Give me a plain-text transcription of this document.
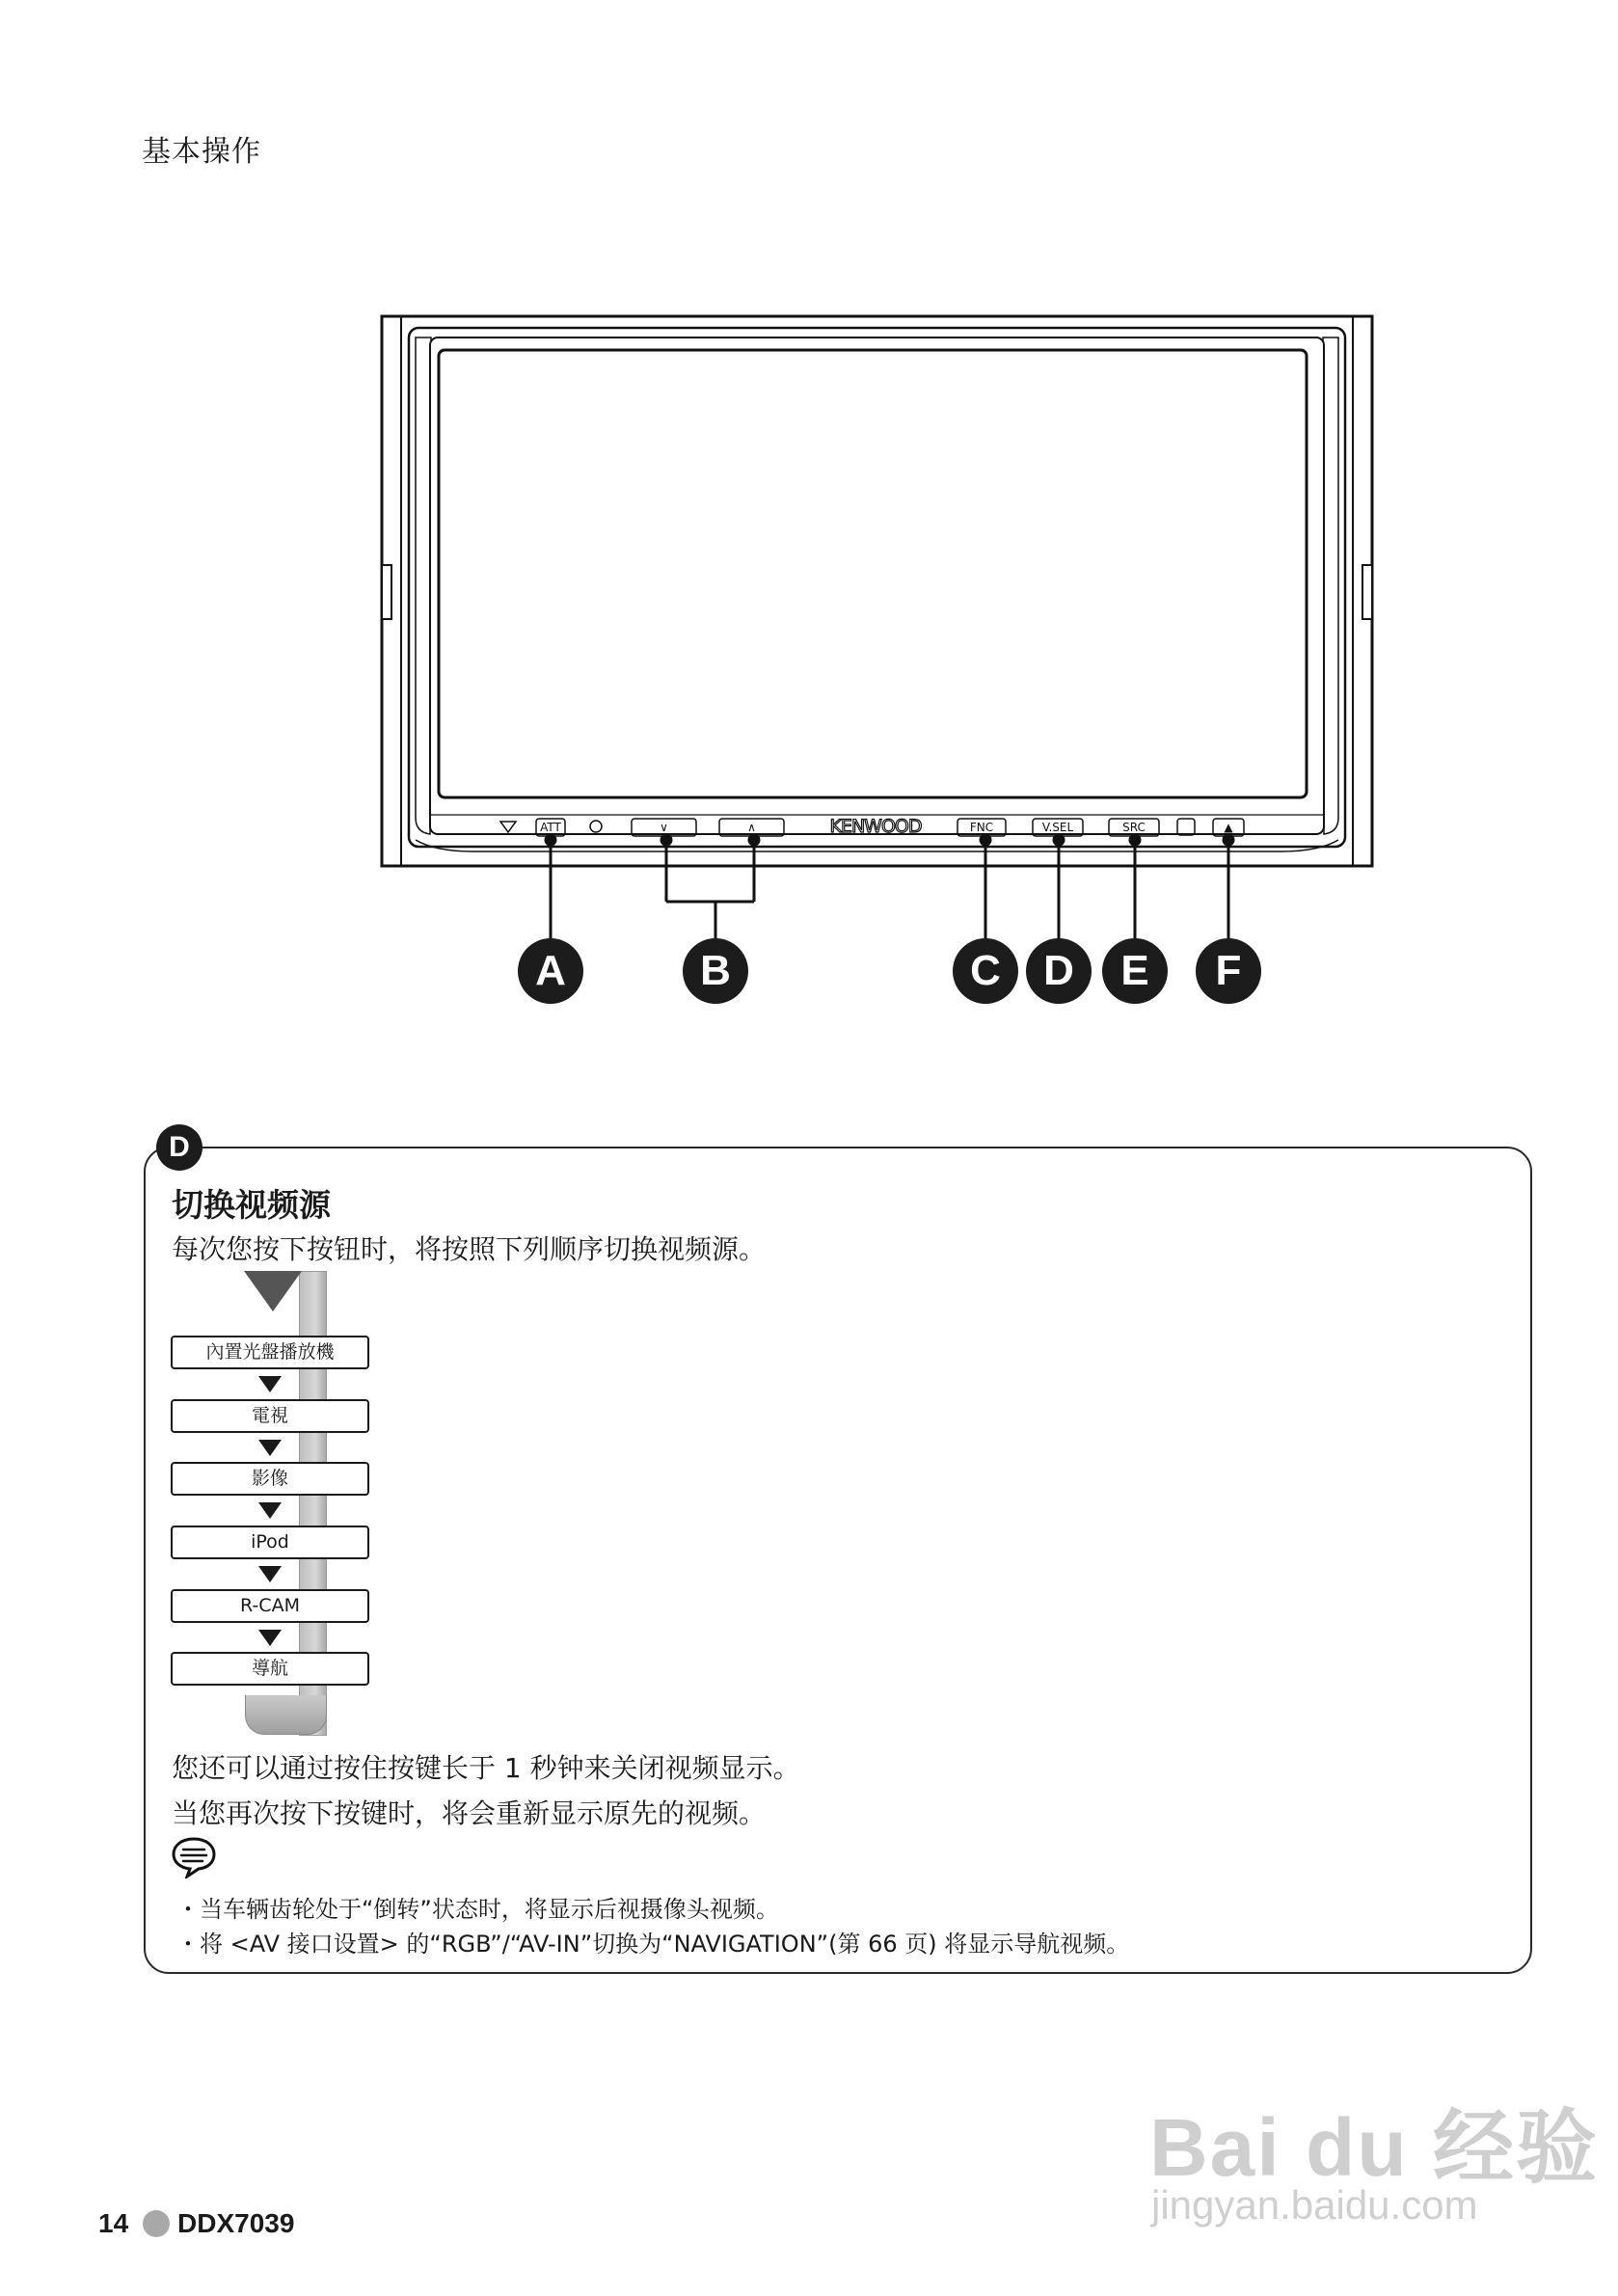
基本操作
ATT	∨	∧	KENWOOD	FNC	V.SEL	SRC	▲
A	B	C	D	E	F
D
切换视频源
每次您按下按钮时，将按照下列顺序切换视频源。
內置光盤播放機
電視
影像
iPod
R-CAM
導航
您还可以通过按住按键长于 1 秒钟来关闭视频显示。
当您再次按下按键时，将会重新显示原先的视频。
・当车辆齿轮处于“倒转”状态时，将显示后视摄像头视频。
・将 <AV 接口设置> 的“RGB”/“AV-IN”切换为“NAVIGATION”(第 66 页) 将显示导航视频。
14 DDX7039
Bai du 经验
jingyan.baidu.com
